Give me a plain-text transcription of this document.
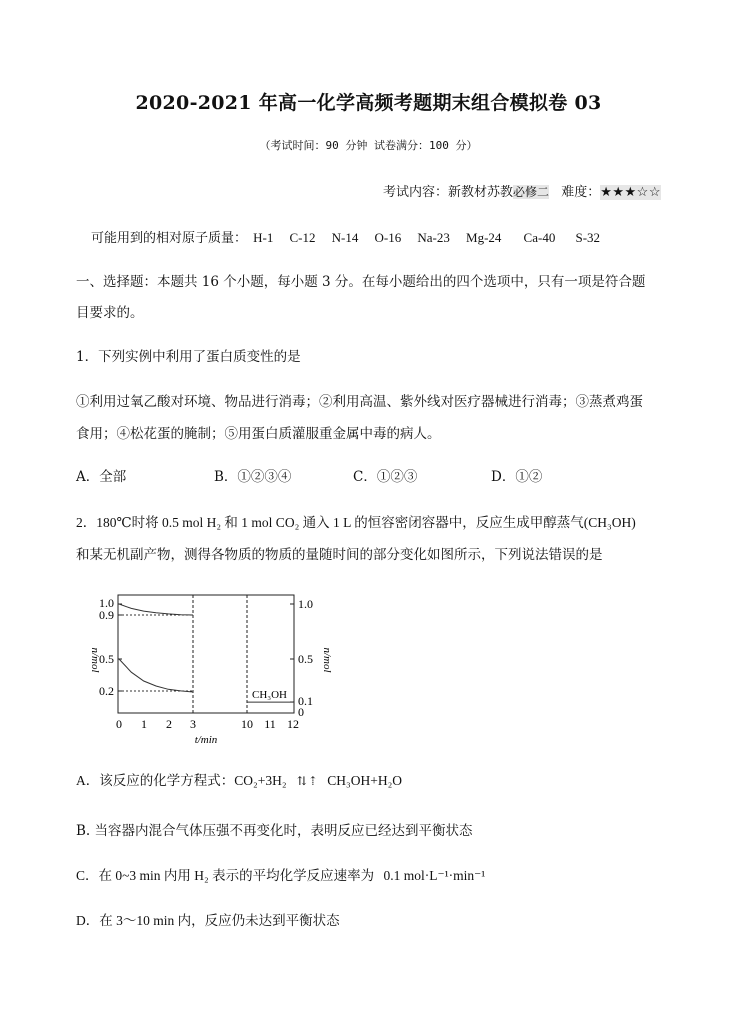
2020-2021 年高一化学高频考题期末组合模拟卷 03
（考试时间：90 分钟 试卷满分：100 分）
考试内容：新教材苏教必修二 难度：★★★☆☆
可能用到的相对原子质量： H-1 C-12 N-14 O-16 Na-23 Mg-24 Ca-40 S-32
一、选择题：本题共 16 个小题，每小题 3 分。在每小题给出的四个选项中，只有一项是符合题
目要求的。
1．下列实例中利用了蛋白质变性的是
①利用过氧乙酸对环境、物品进行消毒；②利用高温、紫外线对医疗器械进行消毒；③蒸煮鸡蛋
食用；④松花蛋的腌制；⑤用蛋白质灌服重金属中毒的病人。
A．全部	B．①②③④	C．①②③	D．①②
2．180℃时将 0.5 mol H₂ 和 1 mol CO₂ 通入 1 L 的恒容密闭容器中，反应生成甲醇蒸气(CH₃OH)
和某无机副产物，测得各物质的物质的量随时间的部分变化如图所示，下列说法错误的是
1.0
0.9
0.5
0.2
1.0
0.5
0.1
0
0 1 2 3	10 11 12
t/min
n/mol	n/mol
CH₃OH
A．该反应的化学方程式：CO₂+3H₂ ⇅ ⇡ CH₃OH+H₂O
B. 当容器内混合气体压强不再变化时，表明反应已经达到平衡状态
C．在 0~3 min 内用 H₂ 表示的平均化学反应速率为 0.1 mol·L⁻¹·min⁻¹
D．在 3～10 min 内，反应仍未达到平衡状态
